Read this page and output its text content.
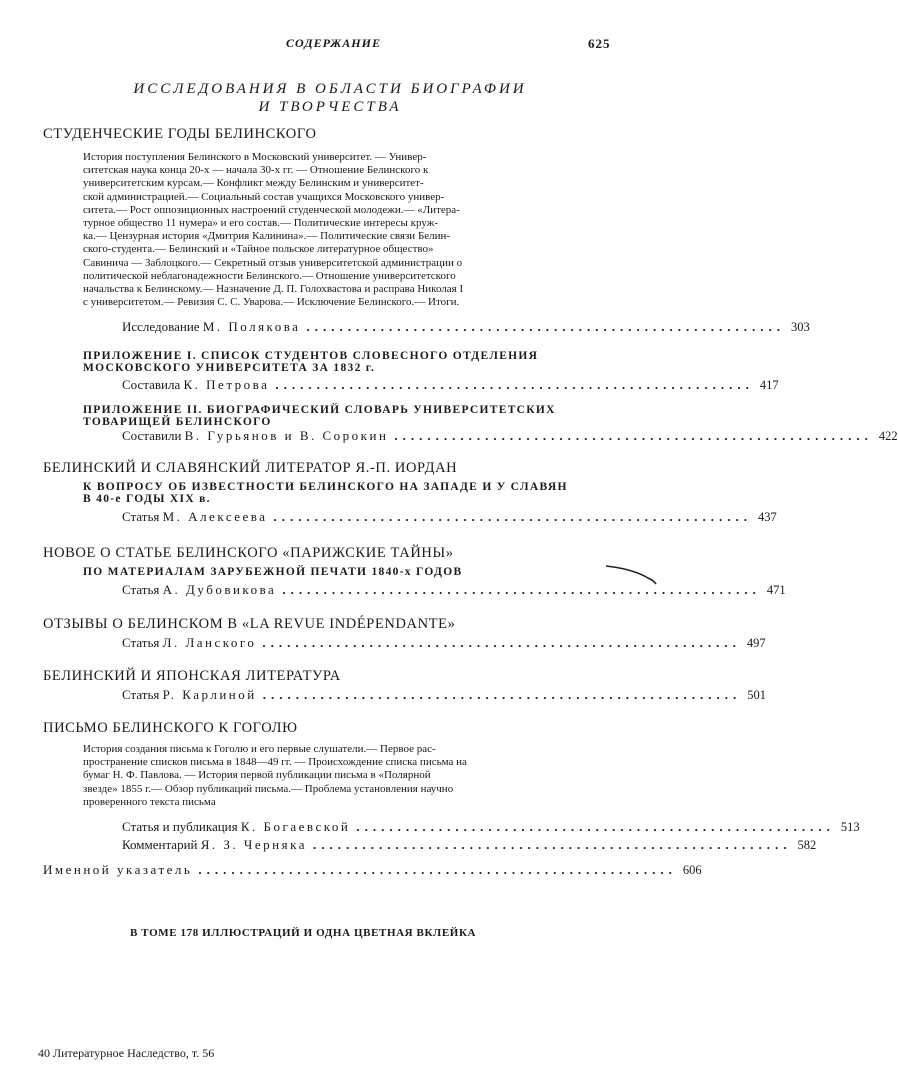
СОДЕРЖАНИЕ	625
ИССЛЕДОВАНИЯ В ОБЛАСТИ БИОГРАФИИ
И ТВОРЧЕСТВА
СТУДЕНЧЕСКИЕ ГОДЫ БЕЛИНСКОГО
История поступления Белинского в Московский университет. — Универ-
ситетская наука конца 20-х — начала 30-х гг. — Отношение Белинского к
университетским курсам.— Конфликт между Белинским и университет-
ской администрацией.— Социальный состав учащихся Московского универ-
ситета.— Рост оппозиционных настроений студенческой молодежи.— «Литера-
турное общество 11 нумера» и его состав.— Политические интересы круж-
ка.— Цензурная история «Дмитрия Калинина».— Политические связи Белин-
ского-студента.— Белинский и «Тайное польское литературное общество»
Савинича — Заблоцкого.— Секретный отзыв университетской администрации о
политической неблагонадежности Белинского.— Отношение университетского
начальства к Белинскому.— Назначение Д. П. Голохвастова и расправа Николая I
с университетом.— Ревизия С. С. Уварова.— Исключение Белинского.— Итоги.
Исследование М. Полякова .......................................................... 303
ПРИЛОЖЕНИЕ I. СПИСОК СТУДЕНТОВ СЛОВЕСНОГО ОТДЕЛЕНИЯ
МОСКОВСКОГО УНИВЕРСИТЕТА ЗА 1832 г.
Составила К. Петрова .......................................................... 417
ПРИЛОЖЕНИЕ II. БИОГРАФИЧЕСКИЙ СЛОВАРЬ УНИВЕРСИТЕТСКИХ
ТОВАРИЩЕЙ БЕЛИНСКОГО
Составили В. Гурьянов и В. Сорокин .......................................................... 422
БЕЛИНСКИЙ И СЛАВЯНСКИЙ ЛИТЕРАТОР Я.-П. ИОРДАН
К ВОПРОСУ ОБ ИЗВЕСТНОСТИ БЕЛИНСКОГО НА ЗАПАДЕ И У СЛАВЯН
В 40-е ГОДЫ XIX в.
Статья М. Алексеева .......................................................... 437
НОВОЕ О СТАТЬЕ БЕЛИНСКОГО «ПАРИЖСКИЕ ТАЙНЫ»
ПО МАТЕРИАЛАМ ЗАРУБЕЖНОЙ ПЕЧАТИ 1840-х ГОДОВ
Статья А. Дубовикова .......................................................... 471
ОТЗЫВЫ О БЕЛИНСКОМ В «LA REVUE INDÉPENDANTE»
Статья Л. Ланского .......................................................... 497
БЕЛИНСКИЙ И ЯПОНСКАЯ ЛИТЕРАТУРА
Статья Р. Карлиной .......................................................... 501
ПИСЬМО БЕЛИНСКОГО К ГОГОЛЮ
История создания письма к Гоголю и его первые слушатели.— Первое рас-
пространение списков письма в 1848—49 гг. — Происхождение списка письма на
бумаг Н. Ф. Павлова. — История первой публикации письма в «Полярной
звезде» 1855 г.— Обзор публикаций письма.— Проблема установления научно
проверенного текста письма
Статья и публикация К. Богаевской .......................................................... 513
Комментарий Я. З. Черняка .......................................................... 582
Именной указатель .......................................................... 606
В ТОМЕ 178 ИЛЛЮСТРАЦИЙ И ОДНА ЦВЕТНАЯ ВКЛЕЙКА
40 Литературное Наследство, т. 56
